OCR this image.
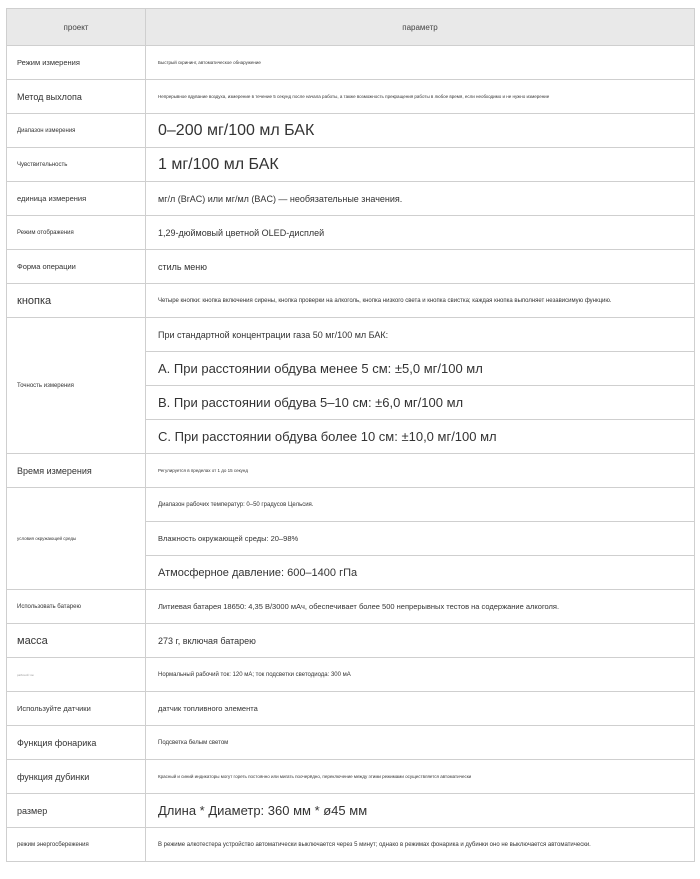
проект	параметр
Режим измерения	Быстрый скрининг, автоматическое обнаружение
Метод выхлопа	Непрерывное вдувание воздуха, измерение в течение 5 секунд после начала работы, а также возможность прекращения работы в любое время, если необходимо и не нужно измерение
Диапазон измерения	0–200 мг/100 мл БАК
Чувствительность	1 мг/100 мл БАК
единица измерения	мг/л (BrAC) или мг/мл (BAC) — необязательные значения.
Режим отображения	1,29-дюймовый цветной OLED-дисплей
Форма операции	стиль меню
кнопка	Четыре кнопки: кнопка включения сирены, кнопка проверки на алкоголь, кнопка низкого света и кнопка свистка; каждая кнопка выполняет независимую функцию.
Точность измерения	При стандартной концентрации газа 50 мг/100 мл БАК:
	A. При расстоянии обдува менее 5 см: ±5,0 мг/100 мл
	B. При расстоянии обдува 5–10 см: ±6,0 мг/100 мл
	C. При расстоянии обдува более 10 см: ±10,0 мг/100 мл
Время измерения	Регулируется в пределах от 1 до 15 секунд
условия окружающей среды	Диапазон рабочих температур: 0–50 градусов Цельсия.
	Влажность окружающей среды: 20–98%
	Атмосферное давление: 600–1400 гПа
Использовать батарею	Литиевая батарея 18650: 4,35 В/3000 мАч, обеспечивает более 500 непрерывных тестов на содержание алкоголя.
масса	273 г, включая батарею
рабочий ток	Нормальный рабочий ток: 120 мА; ток подсветки светодиода: 300 мА
Используйте датчики	датчик топливного элемента
Функция фонарика	Подсветка белым светом
функция дубинки	Красный и синий индикаторы могут гореть постоянно или мигать поочерёдно, переключение между этими режимами осуществляется автоматически
размер	Длина * Диаметр: 360 мм * ø45 мм
режим энергосбережения	В режиме алкотестера устройство автоматически выключается через 5 минут; однако в режимах фонарика и дубинки оно не выключается автоматически.
